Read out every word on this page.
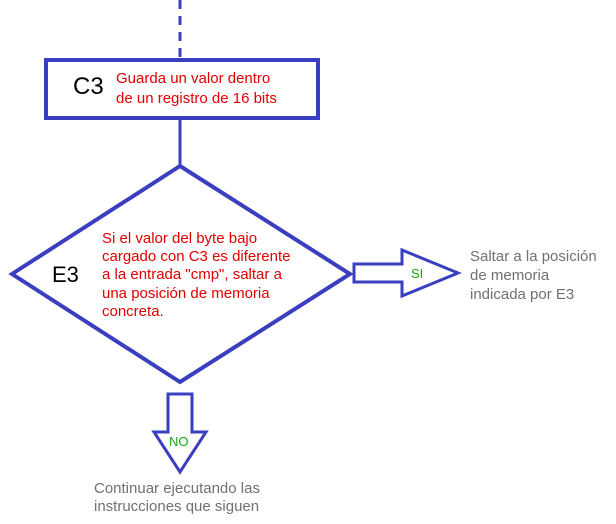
C3 Guarda un valor dentro
de un registro de 16 bits
E3
Si el valor del byte bajo
cargado con C3 es diferente
a la entrada "cmp", saltar a
una posición de memoria
concreta.
SI
Saltar a la posición
de memoria
indicada por E3
NO
Continuar ejecutando las
instrucciones que siguen
